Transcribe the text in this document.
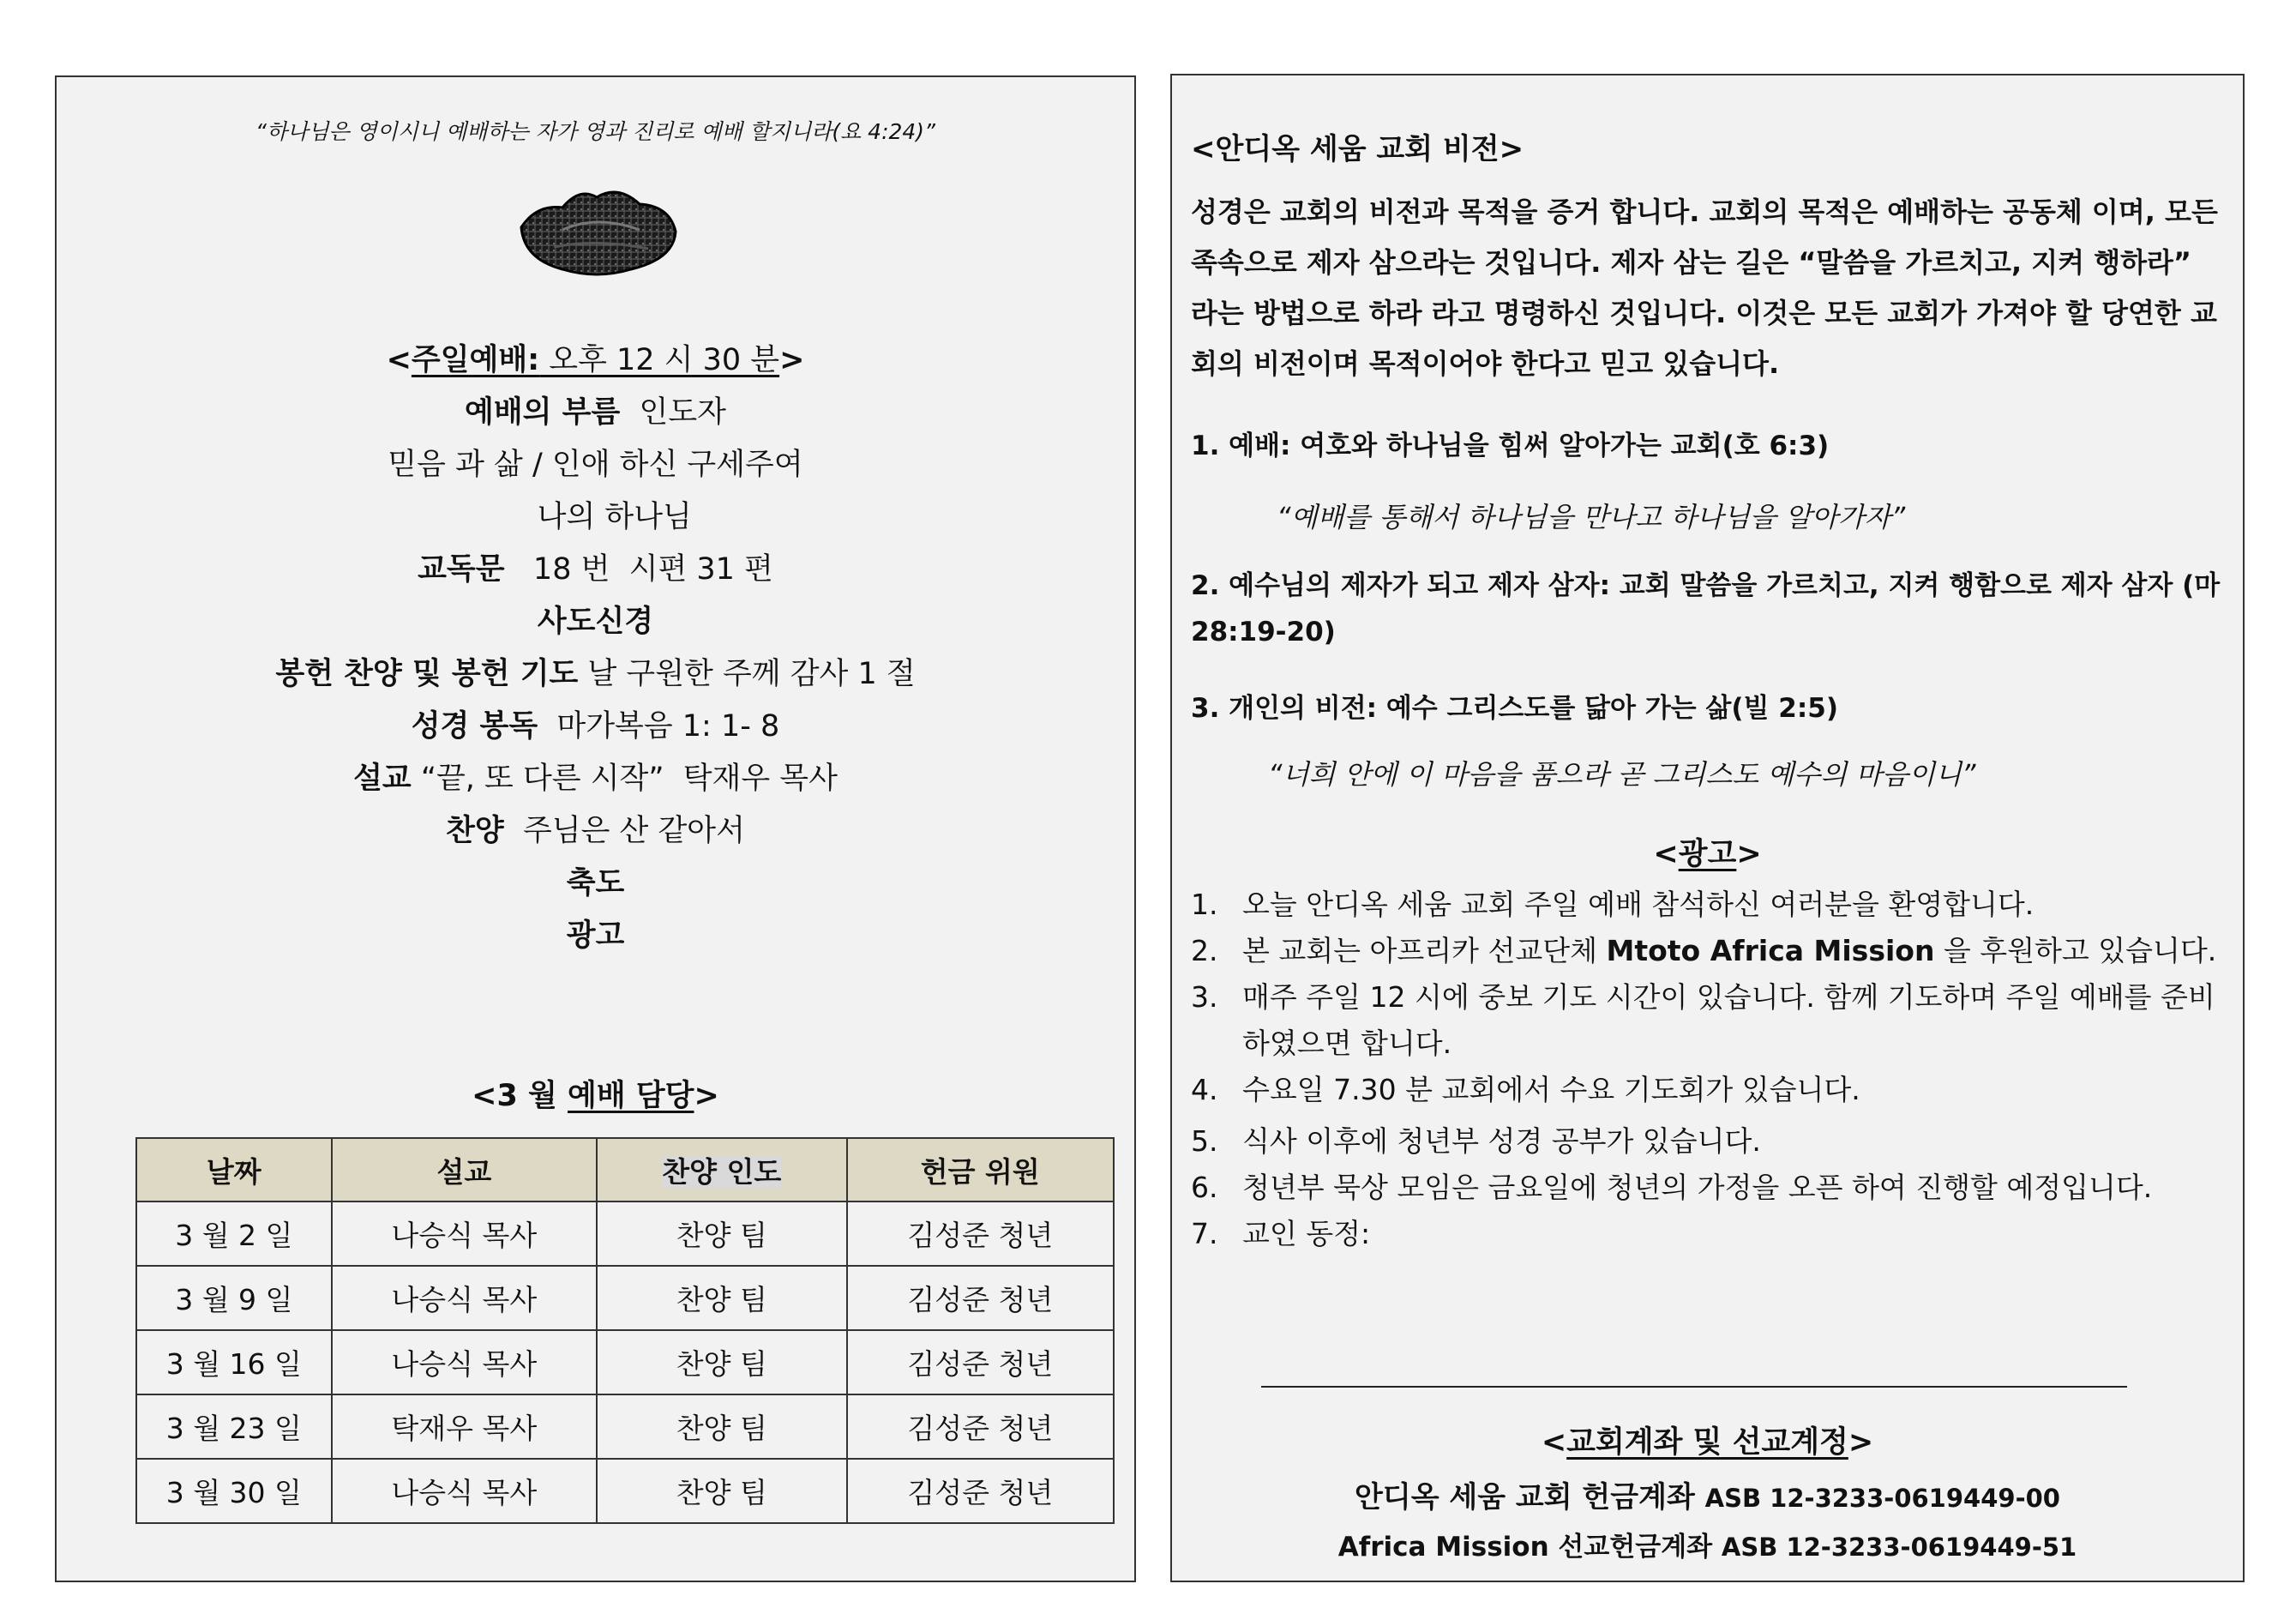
“하나님은 영이시니 예배하는 자가 영과 진리로 예배 할지니라(요 4:24)”
<주일예배: 오후 12 시 30 분>
예배의 부름  인도자
믿음 과 삶 / 인애 하신 구세주여
나의 하나님
교독문   18 번  시편 31 편
사도신경
봉헌 찬양 및 봉헌 기도 날 구원한 주께 감사 1 절
성경 봉독  마가복음 1: 1- 8
설교 “끝, 또 다른 시작”  탁재우 목사
찬양  주님은 산 같아서
축도
광고
<3 월 예배 담당>
날짜	설교	찬양 인도	헌금 위원
3 월 2 일	나승식 목사	찬양 팀	김성준 청년
3 월 9 일	나승식 목사	찬양 팀	김성준 청년
3 월 16 일	나승식 목사	찬양 팀	김성준 청년
3 월 23 일	탁재우 목사	찬양 팀	김성준 청년
3 월 30 일	나승식 목사	찬양 팀	김성준 청년
<안디옥 세움 교회 비전>
성경은 교회의 비전과 목적을 증거 합니다. 교회의 목적은 예배하는 공동체 이며, 모든 족속으로 제자 삼으라는 것입니다. 제자 삼는 길은 “말씀을 가르치고, 지켜 행하라” 라는 방법으로 하라 라고 명령하신 것입니다. 이것은 모든 교회가 가져야 할 당연한 교회의 비전이며 목적이어야 한다고 믿고 있습니다.
1. 예배: 여호와 하나님을 힘써 알아가는 교회(호 6:3)
“예배를 통해서 하나님을 만나고 하나님을 알아가자”
2. 예수님의 제자가 되고 제자 삼자: 교회 말씀을 가르치고, 지켜 행함으로 제자 삼자 (마 28:19-20)
3. 개인의 비전: 예수 그리스도를 닮아 가는 삶(빌 2:5)
“너희 안에 이 마음을 품으라 곧 그리스도 예수의 마음이니”
<광고>
1. 오늘 안디옥 세움 교회 주일 예배 참석하신 여러분을 환영합니다.
2. 본 교회는 아프리카 선교단체 Mtoto Africa Mission 을 후원하고 있습니다.
3. 매주 주일 12 시에 중보 기도 시간이 있습니다. 함께 기도하며 주일 예배를 준비 하였으면 합니다.
4. 수요일 7.30 분 교회에서 수요 기도회가 있습니다.
5. 식사 이후에 청년부 성경 공부가 있습니다.
6. 청년부 묵상 모임은 금요일에 청년의 가정을 오픈 하여 진행할 예정입니다.
7. 교인 동정:
<교회계좌 및 선교계정>
안디옥 세움 교회 헌금계좌 ASB 12-3233-0619449-00
Africa Mission 선교헌금계좌 ASB 12-3233-0619449-51
